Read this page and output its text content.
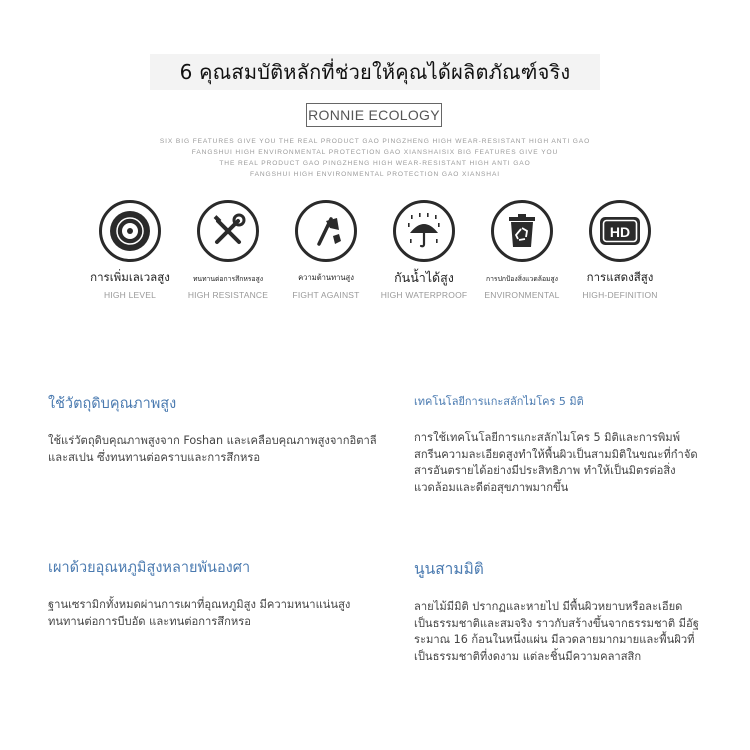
6 คุณสมบัติหลักที่ช่วยให้คุณได้ผลิตภัณฑ์จริง
RONNIE ECOLOGY
SIX BIG FEATURES GIVE YOU THE REAL PRODUCT GAO PINGZHENG HIGH WEAR-RESISTANT HIGH ANTI GAO
FANGSHUI HIGH ENVIRONMENTAL PROTECTION GAO XIANSHAISIX BIG FEATURES GIVE YOU
THE REAL PRODUCT GAO PINGZHENG HIGH WEAR-RESISTANT HIGH ANTI GAO
FANGSHUI HIGH ENVIRONMENTAL PROTECTION GAO XIANSHAI
การเพิ่มเลเวลสูง
HIGH LEVEL
ทนทานต่อการสึกหรอสูง
HIGH RESISTANCE
ความต้านทานสูง
FIGHT AGAINST
กันน้ำได้สูง
HIGH WATERPROOF
การปกป้องสิ่งแวดล้อมสูง
ENVIRONMENTAL
HD
การแสดงสีสูง
HIGH-DEFINITION
ใช้วัตถุดิบคุณภาพสูง
ใช้แร่วัตถุดิบคุณภาพสูงจาก Foshan และเคลือบคุณภาพสูงจากอิตาลีและสเปน ซึ่งทนทานต่อคราบและการสึกหรอ
เทคโนโลยีการแกะสลักไมโคร 5 มิติ
การใช้เทคโนโลยีการแกะสลักไมโคร 5 มิติและการพิมพ์สกรีนความละเอียดสูงทำให้พื้นผิวเป็นสามมิติในขณะที่กำจัดสารอันตรายได้อย่างมีประสิทธิภาพ ทำให้เป็นมิตรต่อสิ่งแวดล้อมและดีต่อสุขภาพมากขึ้น
เผาด้วยอุณหภูมิสูงหลายพันองศา
ฐานเซรามิกทั้งหมดผ่านการเผาที่อุณหภูมิสูง มีความหนาแน่นสูง ทนทานต่อการบีบอัด และทนต่อการสึกหรอ
นูนสามมิติ
ลายไม้มีมิติ ปรากฏและหายไป มีพื้นผิวหยาบหรือละเอียด เป็นธรรมชาติและสมจริง ราวกับสร้างขึ้นจากธรรมชาติ มีอัฐระมาณ 16 ก้อนในหนึ่งแผ่น มีลวดลายมากมายและพื้นผิวที่เป็นธรรมชาติที่งดงาม แต่ละชิ้นมีความคลาสสิก
